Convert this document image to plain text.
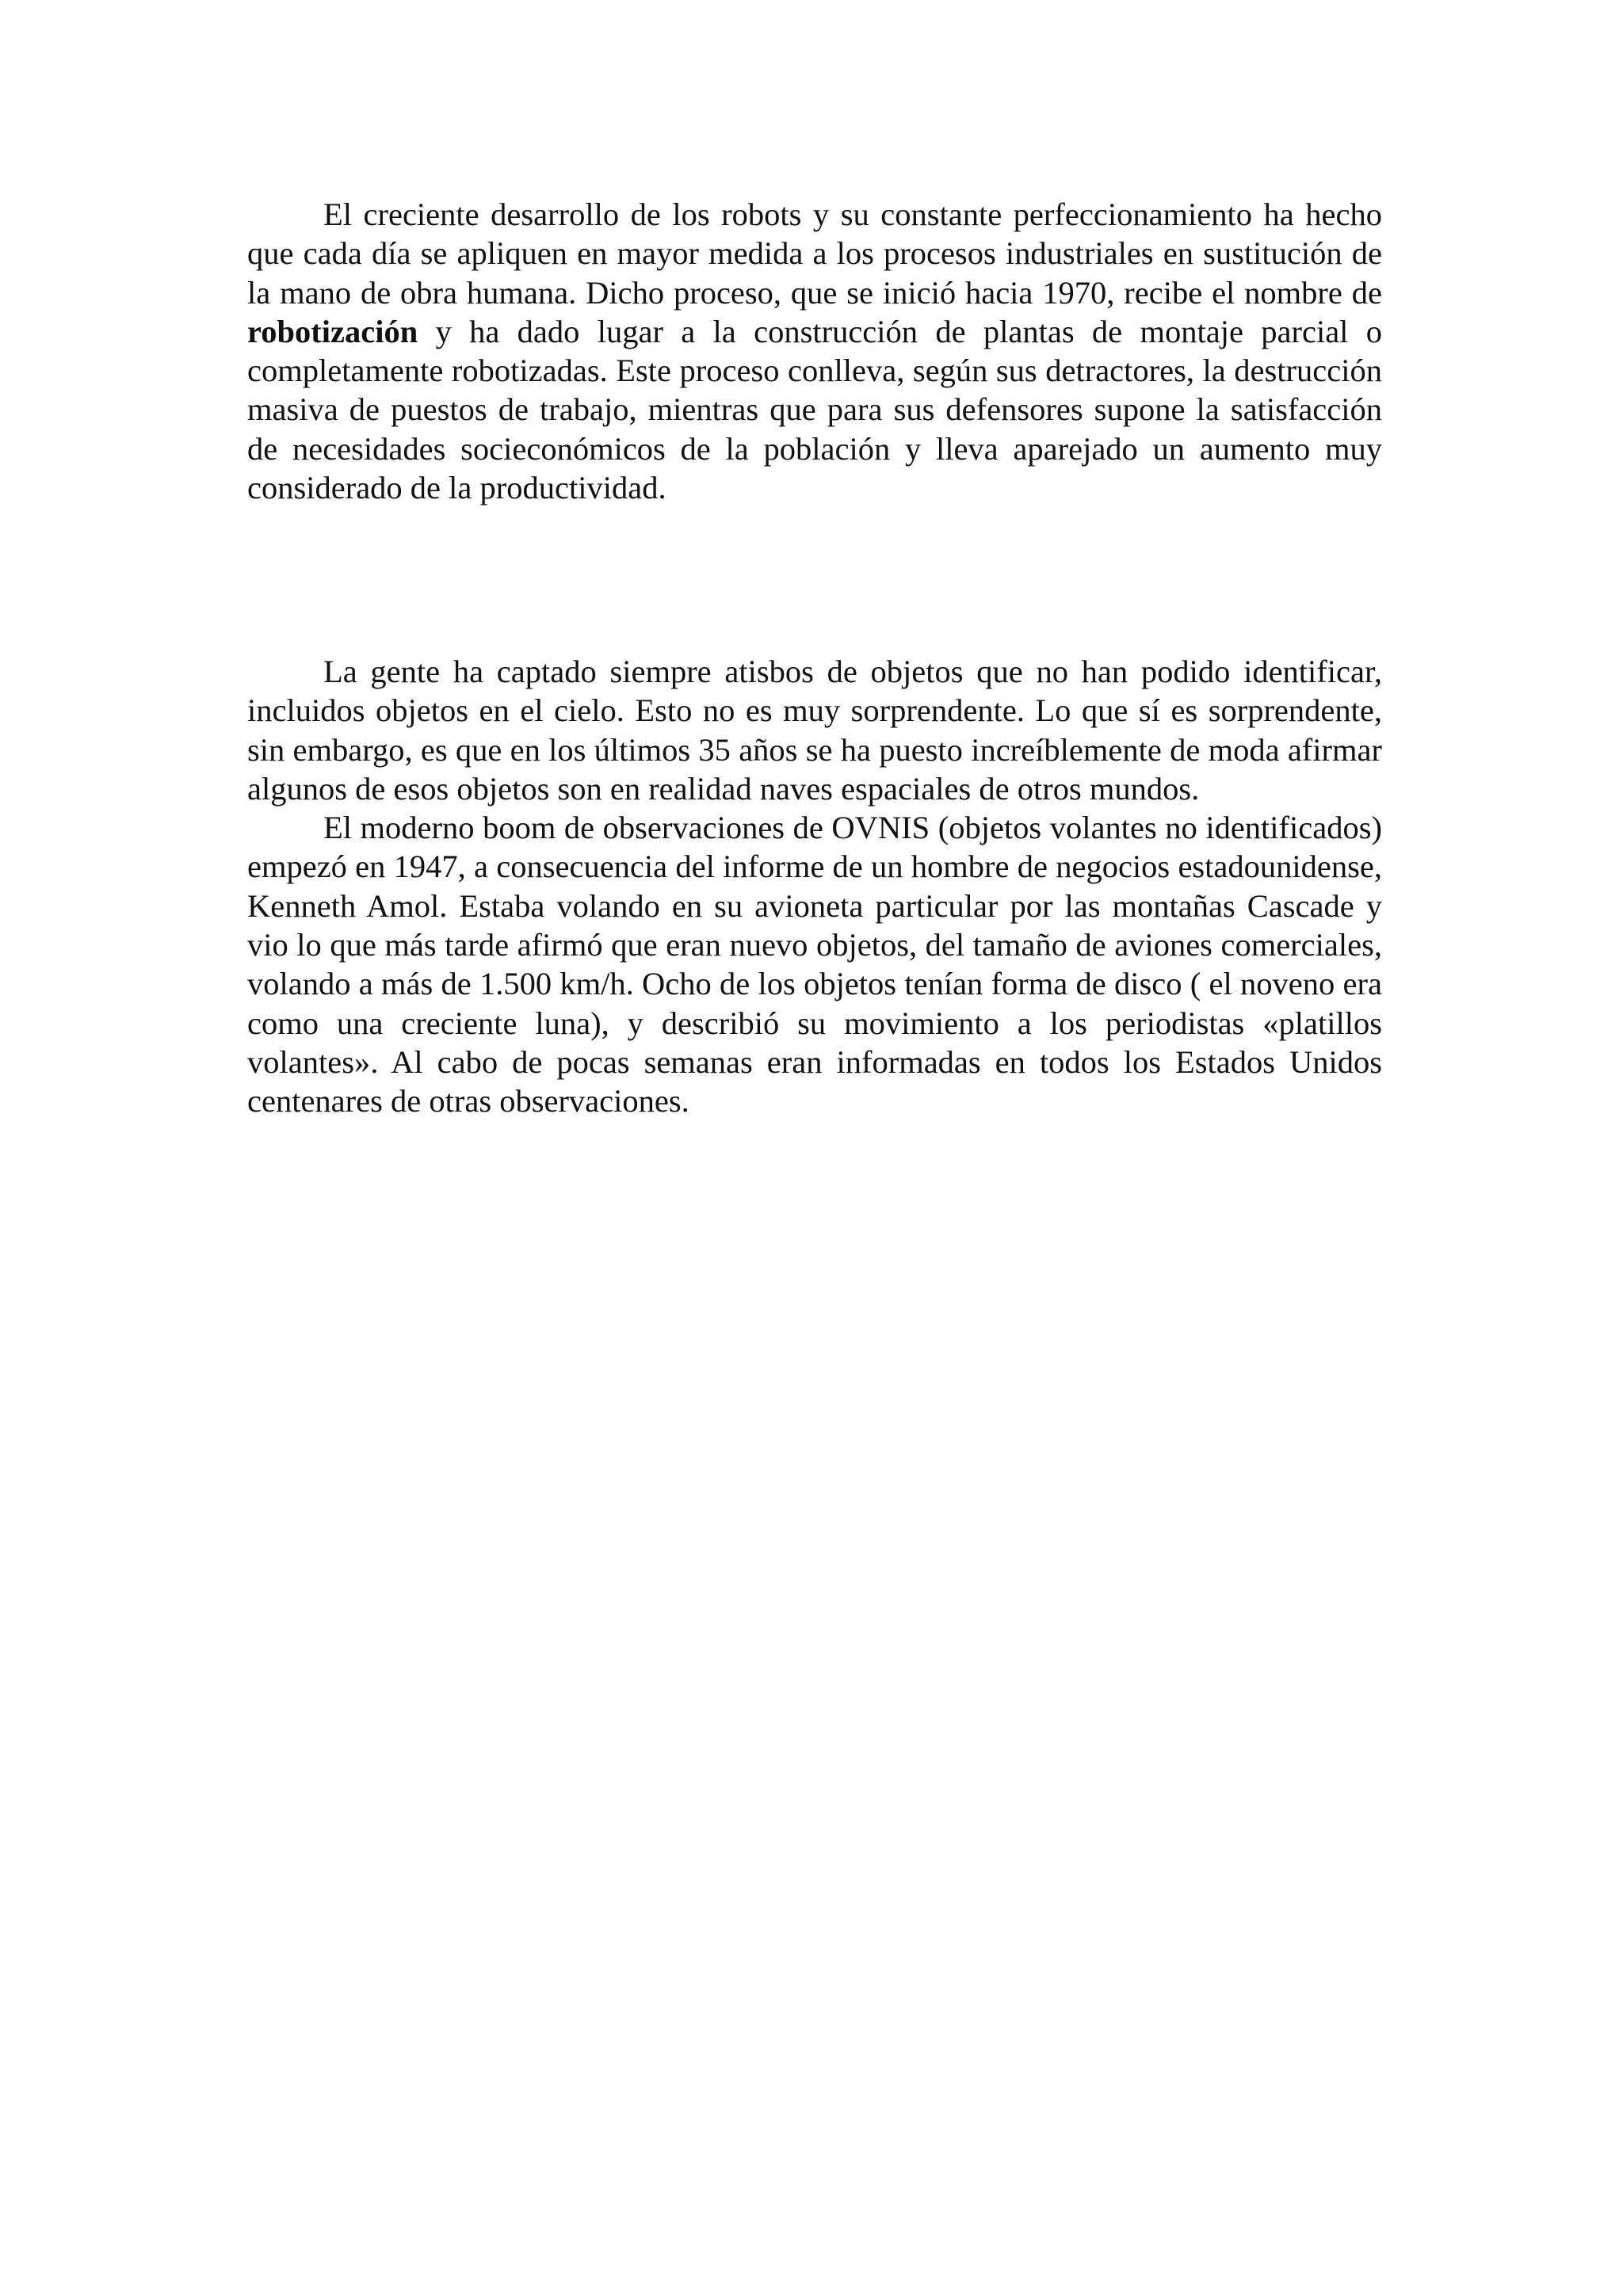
El creciente desarrollo de los robots y su constante perfeccionamiento ha hecho que cada día se apliquen en mayor medida a los procesos industriales en sustitución de la mano de obra humana. Dicho proceso, que se inició hacia 1970, recibe el nombre de robotización y ha dado lugar a la construcción de plantas de montaje parcial o completamente robotizadas. Este proceso conlleva, según sus detractores, la destrucción masiva de puestos de trabajo, mientras que para sus defensores supone la satisfacción de necesidades socieconómicos de la población y lleva aparejado un aumento muy considerado de la productividad.

La gente ha captado siempre atisbos de objetos que no han podido identificar, incluidos objetos en el cielo. Esto no es muy sorprendente. Lo que sí es sorprendente, sin embargo, es que en los últimos 35 años se ha puesto increíblemente de moda afirmar algunos de esos objetos son en realidad naves espaciales de otros mundos.

El moderno boom de observaciones de OVNIS (objetos volantes no identificados) empezó en 1947, a consecuencia del informe de un hombre de negocios estadounidense, Kenneth Amol. Estaba volando en su avioneta particular por las montañas Cascade y vio lo que más tarde afirmó que eran nuevo objetos, del tamaño de aviones comerciales, volando a más de 1.500 km/h. Ocho de los objetos tenían forma de disco ( el noveno era como una creciente luna), y describió su movimiento a los periodistas «platillos volantes». Al cabo de pocas semanas eran informadas en todos los Estados Unidos centenares de otras observaciones.
